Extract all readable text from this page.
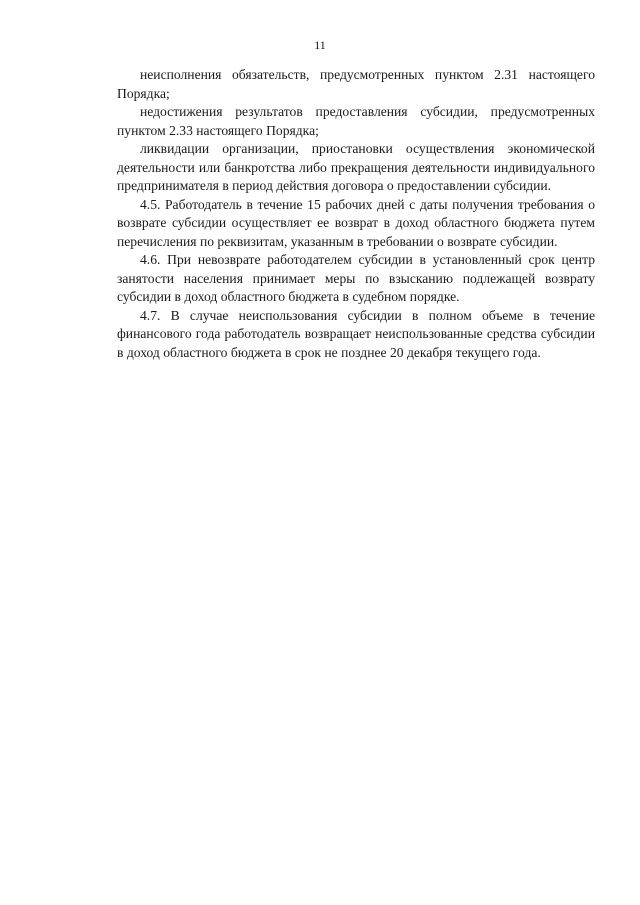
11

неисполнения обязательств, предусмотренных пунктом 2.31 настоящего Порядка;

недостижения результатов предоставления субсидии, предусмотренных пунктом 2.33 настоящего Порядка;

ликвидации организации, приостановки осуществления экономической деятельности или банкротства либо прекращения деятельности индивидуального предпринимателя в период действия договора о предоставлении субсидии.

4.5. Работодатель в течение 15 рабочих дней с даты получения требования о возврате субсидии осуществляет ее возврат в доход областного бюджета путем перечисления по реквизитам, указанным в требовании о возврате субсидии.

4.6. При невозврате работодателем субсидии в установленный срок центр занятости населения принимает меры по взысканию подлежащей возврату субсидии в доход областного бюджета в судебном порядке.

4.7. В случае неиспользования субсидии в полном объеме в течение финансового года работодатель возвращает неиспользованные средства субсидии в доход областного бюджета в срок не позднее 20 декабря текущего года.
